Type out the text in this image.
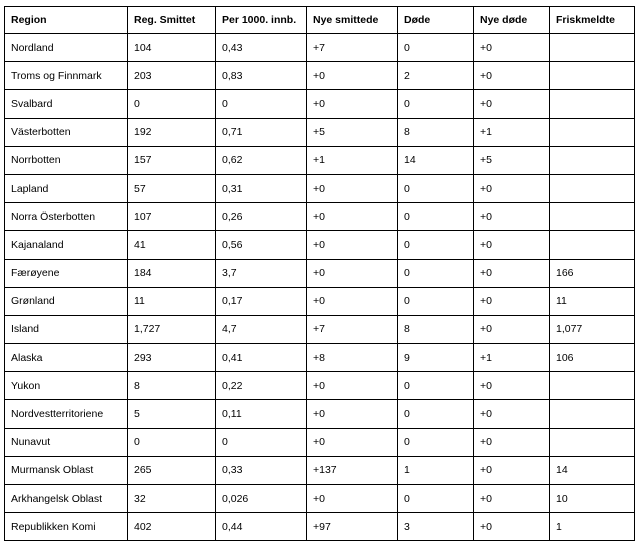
Region	Reg. Smittet	Per 1000. innb.	Nye smittede	Døde	Nye døde	Friskmeldte
Nordland	104	0,43	+7	0	+0	
Troms og Finnmark	203	0,83	+0	2	+0	
Svalbard	0	0	+0	0	+0	
Västerbotten	192	0,71	+5	8	+1	
Norrbotten	157	0,62	+1	14	+5	
Lapland	57	0,31	+0	0	+0	
Norra Österbotten	107	0,26	+0	0	+0	
Kajanaland	41	0,56	+0	0	+0	
Færøyene	184	3,7	+0	0	+0	166
Grønland	11	0,17	+0	0	+0	11
Island	1,727	4,7	+7	8	+0	1,077
Alaska	293	0,41	+8	9	+1	106
Yukon	8	0,22	+0	0	+0	
Nordvestterritoriene	5	0,11	+0	0	+0	
Nunavut	0	0	+0	0	+0	
Murmansk Oblast	265	0,33	+137	1	+0	14
Arkhangelsk Oblast	32	0,026	+0	0	+0	10
Republikken Komi	402	0,44	+97	3	+0	1
